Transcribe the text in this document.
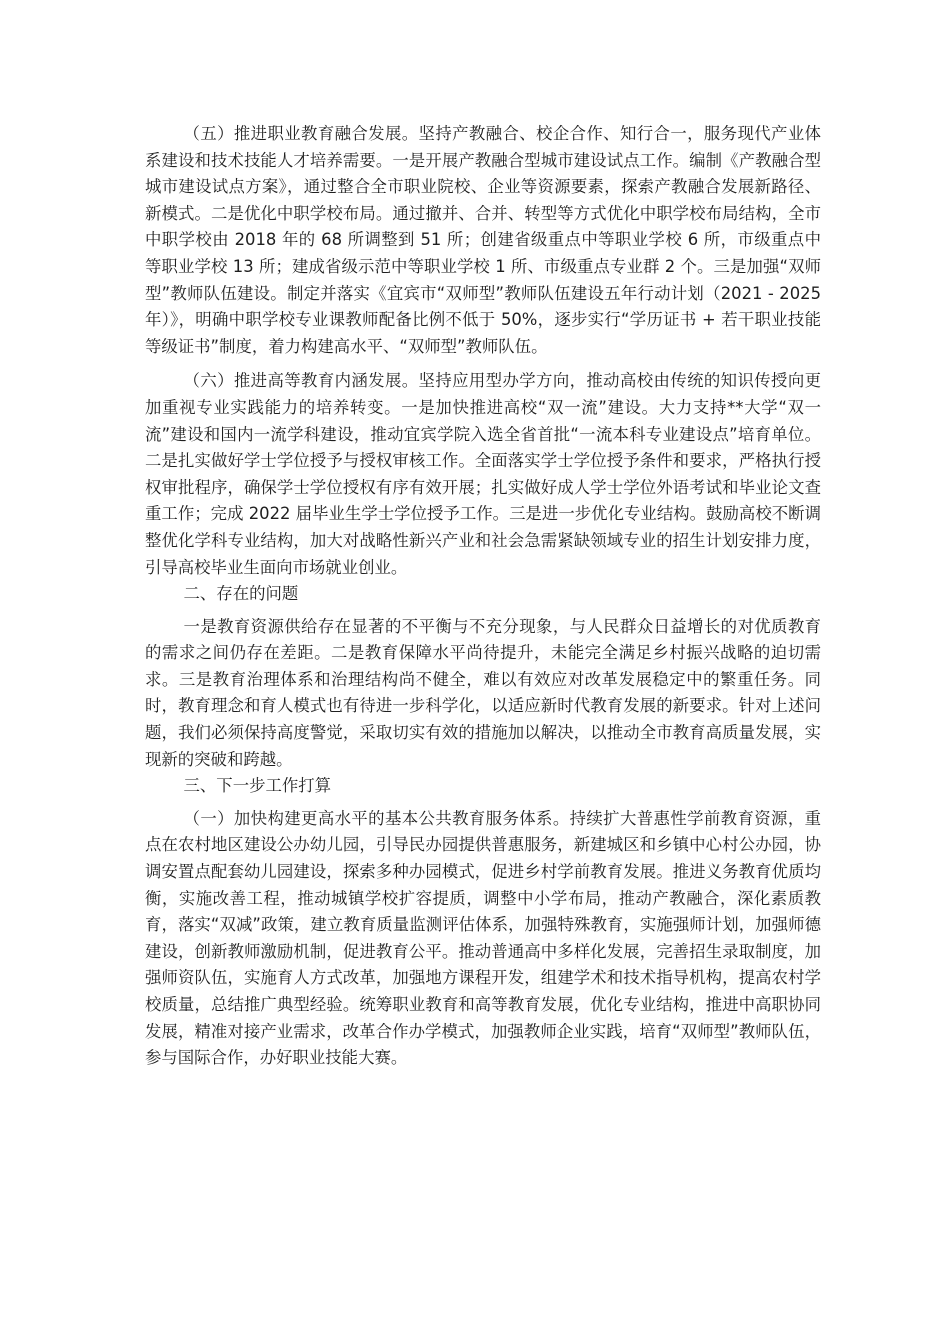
（五）推进职业教育融合发展。坚持产教融合、校企合作、知行合一，服务现代产业体系建设和技术技能人才培养需要。一是开展产教融合型城市建设试点工作。编制《产教融合型城市建设试点方案》，通过整合全市职业院校、企业等资源要素，探索产教融合发展新路径、新模式。二是优化中职学校布局。通过撤并、合并、转型等方式优化中职学校布局结构，全市中职学校由 2018 年的 68 所调整到 51 所；创建省级重点中等职业学校 6 所，市级重点中等职业学校 13 所；建成省级示范中等职业学校 1 所、市级重点专业群 2 个。三是加强“双师型”教师队伍建设。制定并落实《宜宾市“双师型”教师队伍建设五年行动计划（2021 - 2025 年）》，明确中职学校专业课教师配备比例不低于 50%，逐步实行“学历证书 + 若干职业技能等级证书”制度，着力构建高水平、“双师型”教师队伍。

（六）推进高等教育内涵发展。坚持应用型办学方向，推动高校由传统的知识传授向更加重视专业实践能力的培养转变。一是加快推进高校“双一流”建设。大力支持**大学“双一流”建设和国内一流学科建设，推动宜宾学院入选全省首批“一流本科专业建设点”培育单位。二是扎实做好学士学位授予与授权审核工作。全面落实学士学位授予条件和要求，严格执行授权审批程序，确保学士学位授权有序有效开展；扎实做好成人学士学位外语考试和毕业论文查重工作；完成 2022 届毕业生学士学位授予工作。三是进一步优化专业结构。鼓励高校不断调整优化学科专业结构，加大对战略性新兴产业和社会急需紧缺领域专业的招生计划安排力度，引导高校毕业生面向市场就业创业。

二、存在的问题

一是教育资源供给存在显著的不平衡与不充分现象，与人民群众日益增长的对优质教育的需求之间仍存在差距。二是教育保障水平尚待提升，未能完全满足乡村振兴战略的迫切需求。三是教育治理体系和治理结构尚不健全，难以有效应对改革发展稳定中的繁重任务。同时，教育理念和育人模式也有待进一步科学化，以适应新时代教育发展的新要求。针对上述问题，我们必须保持高度警觉，采取切实有效的措施加以解决，以推动全市教育高质量发展，实现新的突破和跨越。

三、下一步工作打算

（一）加快构建更高水平的基本公共教育服务体系。持续扩大普惠性学前教育资源，重点在农村地区建设公办幼儿园，引导民办园提供普惠服务，新建城区和乡镇中心村公办园，协调安置点配套幼儿园建设，探索多种办园模式，促进乡村学前教育发展。推进义务教育优质均衡，实施改善工程，推动城镇学校扩容提质，调整中小学布局，推动产教融合，深化素质教育，落实“双减”政策，建立教育质量监测评估体系，加强特殊教育，实施强师计划，加强师德建设，创新教师激励机制，促进教育公平。推动普通高中多样化发展，完善招生录取制度，加强师资队伍，实施育人方式改革，加强地方课程开发，组建学术和技术指导机构，提高农村学校质量，总结推广典型经验。统筹职业教育和高等教育发展，优化专业结构，推进中高职协同发展，精准对接产业需求，改革合作办学模式，加强教师企业实践，培育“双师型”教师队伍，参与国际合作，办好职业技能大赛。
